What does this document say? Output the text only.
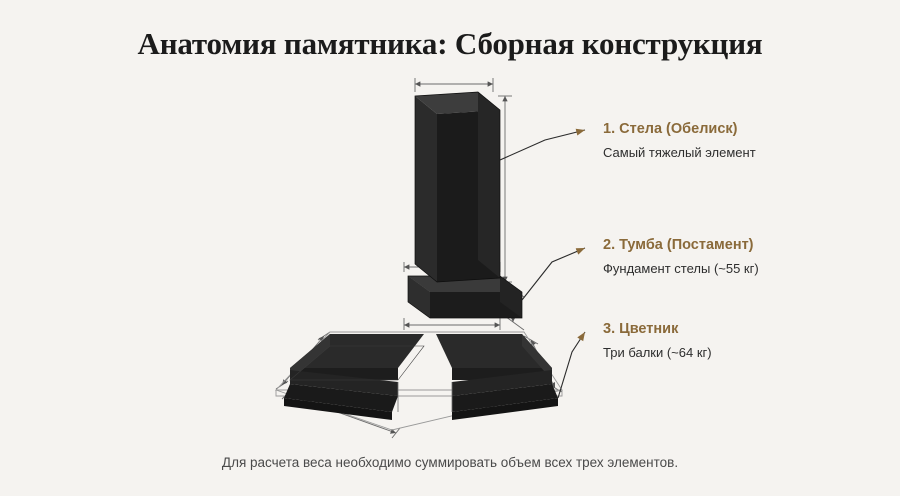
Анатомия памятника: Сборная конструкция
1. Стела (Обелиск)
Самый тяжелый элемент
2. Тумба (Постамент)
Фундамент стелы (~55 кг)
3. Цветник
Три балки (~64 кг)
Для расчета веса необходимо суммировать объем всех трех элементов.
